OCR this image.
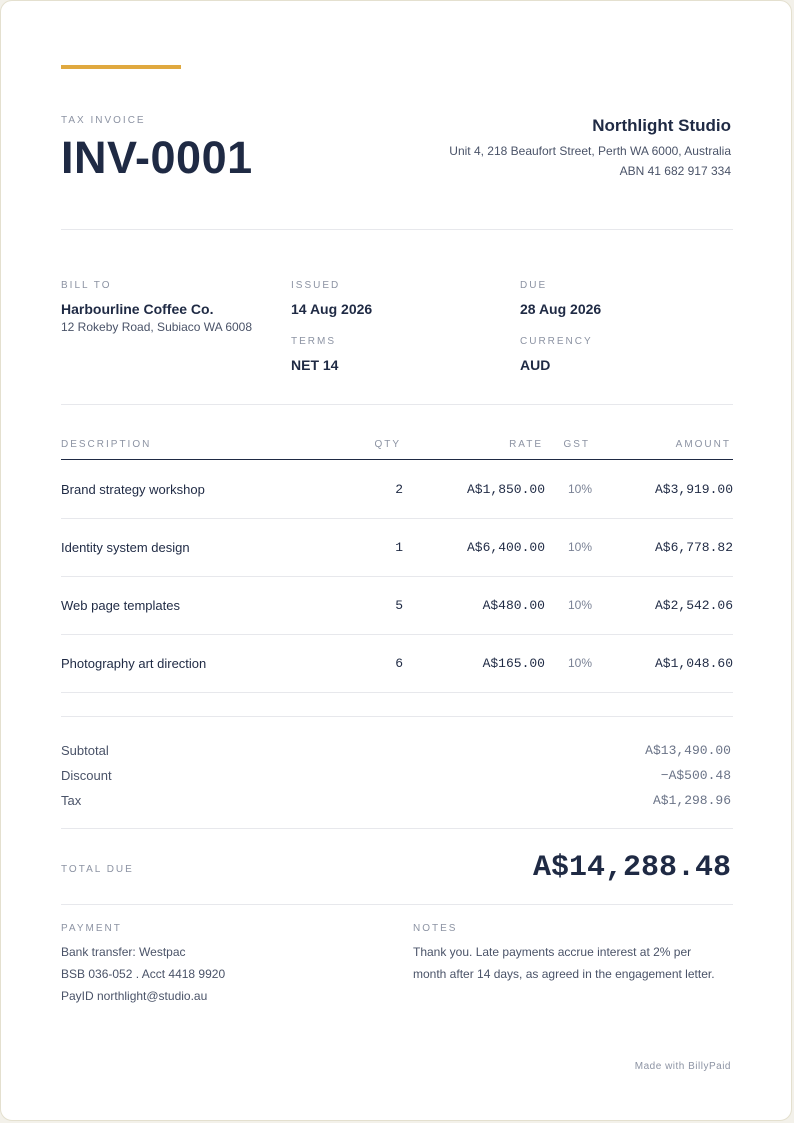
TAX INVOICE
INV-0001
Northlight Studio
Unit 4, 218 Beaufort Street, Perth WA 6000, Australia
ABN 41 682 917 334
BILL TO
Harbourline Coffee Co.
12 Rokeby Road, Subiaco WA 6008
ISSUED
14 Aug 2026
TERMS
NET 14
DUE
28 Aug 2026
CURRENCY
AUD
DESCRIPTION	QTY	RATE GST	AMOUNT
Brand strategy workshop	2	A$1,850.00 10%	A$3,919.00
Identity system design	1	A$6,400.00 10%	A$6,778.82
Web page templates	5	A$480.00 10%	A$2,542.06
Photography art direction	6	A$165.00 10%	A$1,048.60
Subtotal	A$13,490.00
Discount	−A$500.48
Tax	A$1,298.96
TOTAL DUE	A$14,288.48
PAYMENT
Bank transfer: Westpac
BSB 036-052 . Acct 4418 9920
PayID northlight@studio.au
NOTES
Thank you. Late payments accrue interest at 2% per month after 14 days, as agreed in the engagement letter.
Made with BillyPaid
